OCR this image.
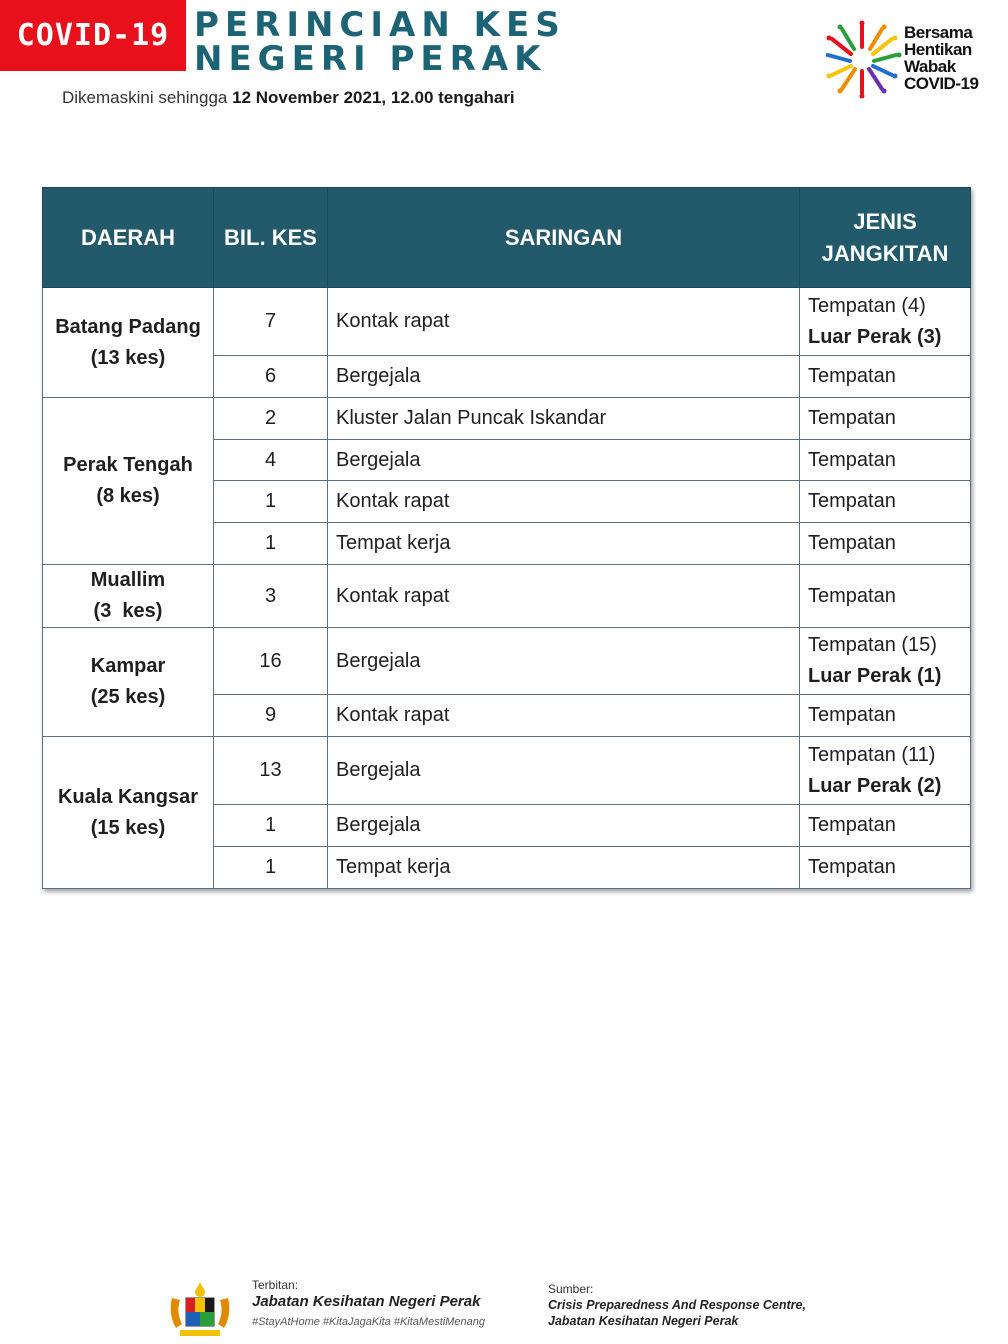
COVID-19 PERINCIAN KES
NEGERI PERAK
Dikemaskini sehingga 12 November 2021, 12.00 tengahari
Bersama
Hentikan
Wabak
COVID-19
DAERAH	BIL. KES	SARINGAN	JENIS
JANGKITAN
Batang Padang
(13 kes)	7	Kontak rapat	Tempatan (4)
Luar Perak (3)

	6	Bergejala	Tempatan
Perak Tengah
(8 kes)	2	Kluster Jalan Puncak Iskandar	Tempatan
	4	Bergejala	Tempatan
	1	Kontak rapat	Tempatan
	1	Tempat kerja	Tempatan
Muallim
(3  kes)	3	Kontak rapat	Tempatan
Kampar
(25 kes)	16	Bergejala	Tempatan (15)
Luar Perak (1)

	9	Kontak rapat	Tempatan
Kuala Kangsar
(15 kes)	13	Bergejala	Tempatan (11)
Luar Perak (2)

	1	Bergejala	Tempatan
	1	Tempat kerja	Tempatan
Terbitan:
Jabatan Kesihatan Negeri Perak
#StayAtHome #KitaJagaKita #KitaMestiMenang
Sumber:
Crisis Preparedness And Response Centre,
Jabatan Kesihatan Negeri Perak
